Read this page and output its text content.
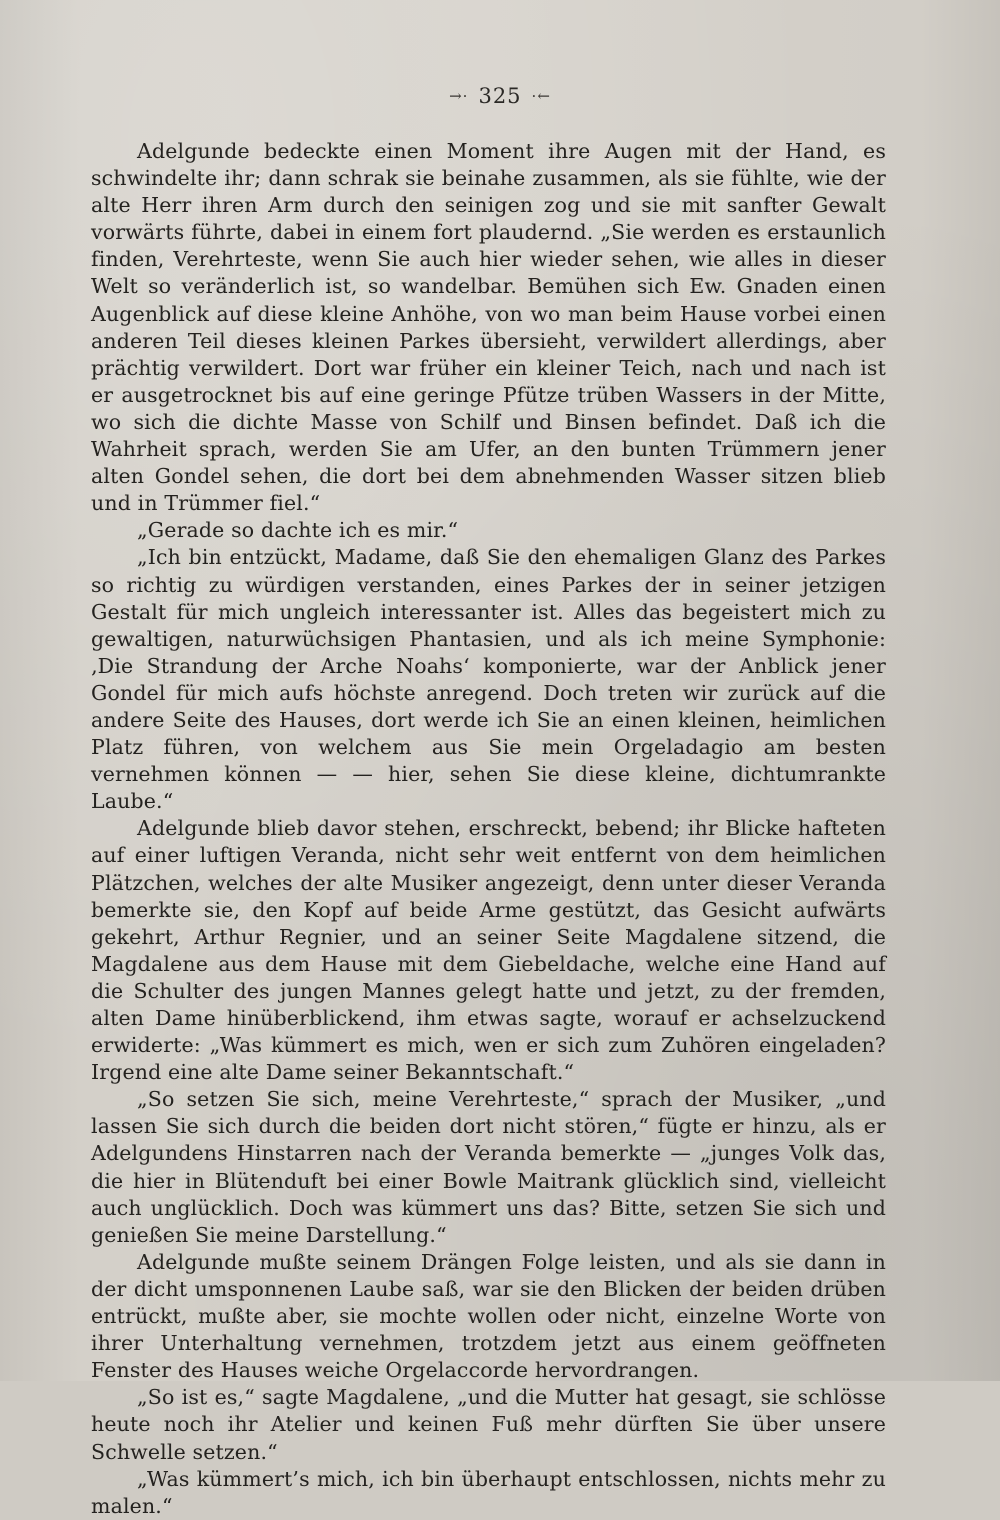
→· 325 ·←

Adelgunde bedeckte einen Moment ihre Augen mit der Hand, es schwindelte ihr; dann schrak sie beinahe zusammen, als sie fühlte, wie der alte Herr ihren Arm durch den seinigen zog und sie mit sanfter Gewalt vorwärts führte, dabei in einem fort plaudernd. „Sie werden es erstaunlich finden, Verehrteste, wenn Sie auch hier wieder sehen, wie alles in dieser Welt so veränderlich ist, so wandelbar. Bemühen sich Ew. Gnaden einen Augenblick auf diese kleine Anhöhe, von wo man beim Hause vorbei einen anderen Teil dieses kleinen Parkes übersieht, verwildert allerdings, aber prächtig verwildert. Dort war früher ein kleiner Teich, nach und nach ist er ausgetrocknet bis auf eine geringe Pfütze trüben Wassers in der Mitte, wo sich die dichte Masse von Schilf und Binsen befindet. Daß ich die Wahrheit sprach, werden Sie am Ufer, an den bunten Trümmern jener alten Gondel sehen, die dort bei dem abnehmenden Wasser sitzen blieb und in Trümmer fiel.“

„Gerade so dachte ich es mir.“

„Ich bin entzückt, Madame, daß Sie den ehemaligen Glanz des Parkes so richtig zu würdigen verstanden, eines Parkes der in seiner jetzigen Gestalt für mich ungleich interessanter ist. Alles das begeistert mich zu gewaltigen, naturwüchsigen Phantasien, und als ich meine Symphonie: ‚Die Strandung der Arche Noahs‘ komponierte, war der Anblick jener Gondel für mich aufs höchste anregend. Doch treten wir zurück auf die andere Seite des Hauses, dort werde ich Sie an einen kleinen, heimlichen Platz führen, von welchem aus Sie mein Orgeladagio am besten vernehmen können — — hier, sehen Sie diese kleine, dichtumrankte Laube.“

Adelgunde blieb davor stehen, erschreckt, bebend; ihr Blicke hafteten auf einer luftigen Veranda, nicht sehr weit entfernt von dem heimlichen Plätzchen, welches der alte Musiker angezeigt, denn unter dieser Veranda bemerkte sie, den Kopf auf beide Arme gestützt, das Gesicht aufwärts gekehrt, Arthur Regnier, und an seiner Seite Magdalene sitzend, die Magdalene aus dem Hause mit dem Giebeldache, welche eine Hand auf die Schulter des jungen Mannes gelegt hatte und jetzt, zu der fremden, alten Dame hinüberblickend, ihm etwas sagte, worauf er achselzuckend erwiderte: „Was kümmert es mich, wen er sich zum Zuhören eingeladen? Irgend eine alte Dame seiner Bekanntschaft.“

„So setzen Sie sich, meine Verehrteste,“ sprach der Musiker, „und lassen Sie sich durch die beiden dort nicht stören,“ fügte er hinzu, als er Adelgundens Hinstarren nach der Veranda bemerkte — „junges Volk das, die hier in Blütenduft bei einer Bowle Maitrank glücklich sind, vielleicht auch unglücklich. Doch was kümmert uns das? Bitte, setzen Sie sich und genießen Sie meine Darstellung.“

Adelgunde mußte seinem Drängen Folge leisten, und als sie dann in der dicht umsponnenen Laube saß, war sie den Blicken der beiden drüben entrückt, mußte aber, sie mochte wollen oder nicht, einzelne Worte von ihrer Unterhaltung vernehmen, trotzdem jetzt aus einem geöffneten Fenster des Hauses weiche Orgelaccorde hervordrangen.

„So ist es,“ sagte Magdalene, „und die Mutter hat gesagt, sie schlösse heute noch ihr Atelier und keinen Fuß mehr dürften Sie über unsere Schwelle setzen.“

„Was kümmert’s mich, ich bin überhaupt entschlossen, nichts mehr zu malen.“
